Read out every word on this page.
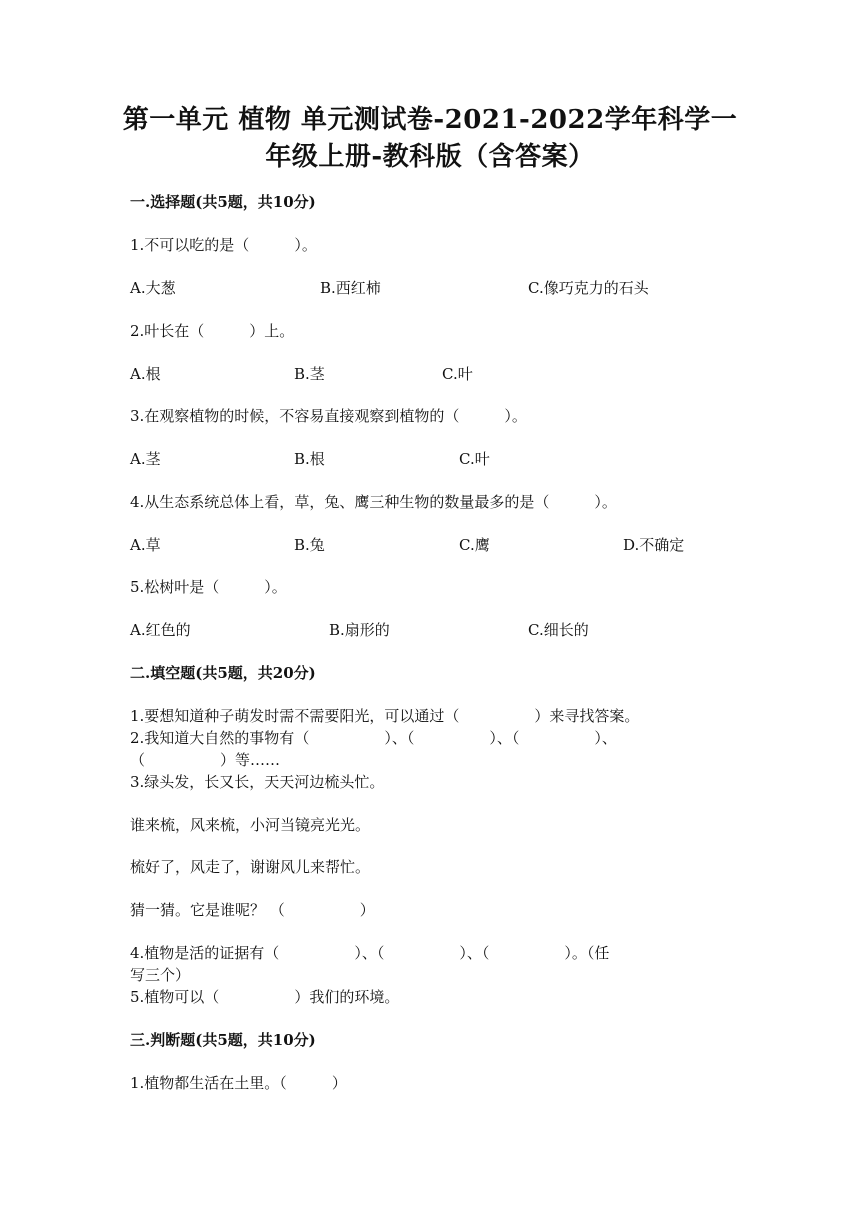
第一单元 植物 单元测试卷-2021-2022学年科学一
年级上册-教科版（含答案）
一.选择题(共5题，共10分)
1.不可以吃的是（　　　）。
A.大葱	B.西红柿	C.像巧克力的石头
2.叶长在（　　　）上。
A.根	B.茎	C.叶
3.在观察植物的时候，不容易直接观察到植物的（　　　）。
A.茎	B.根	C.叶
4.从生态系统总体上看，草，兔、鹰三种生物的数量最多的是（　　　）。
A.草	B.兔	C.鹰	D.不确定
5.松树叶是（　　　）。
A.红色的	B.扇形的	C.细长的
二.填空题(共5题，共20分)
1.要想知道种子萌发时需不需要阳光，可以通过（　　　　　）来寻找答案。
2.我知道大自然的事物有（　　　　　）、（　　　　　）、（　　　　　）、
（　　　　　）等……
3.绿头发，长又长，天天河边梳头忙。
谁来梳，风来梳，小河当镜亮光光。
梳好了，风走了，谢谢风儿来帮忙。
猜一猜。它是谁呢？ （　　　　　）
4.植物是活的证据有（　　　　　）、（　　　　　）、（　　　　　）。（任
写三个）
5.植物可以（　　　　　）我们的环境。
三.判断题(共5题，共10分)
1.植物都生活在土里。（　　　）
